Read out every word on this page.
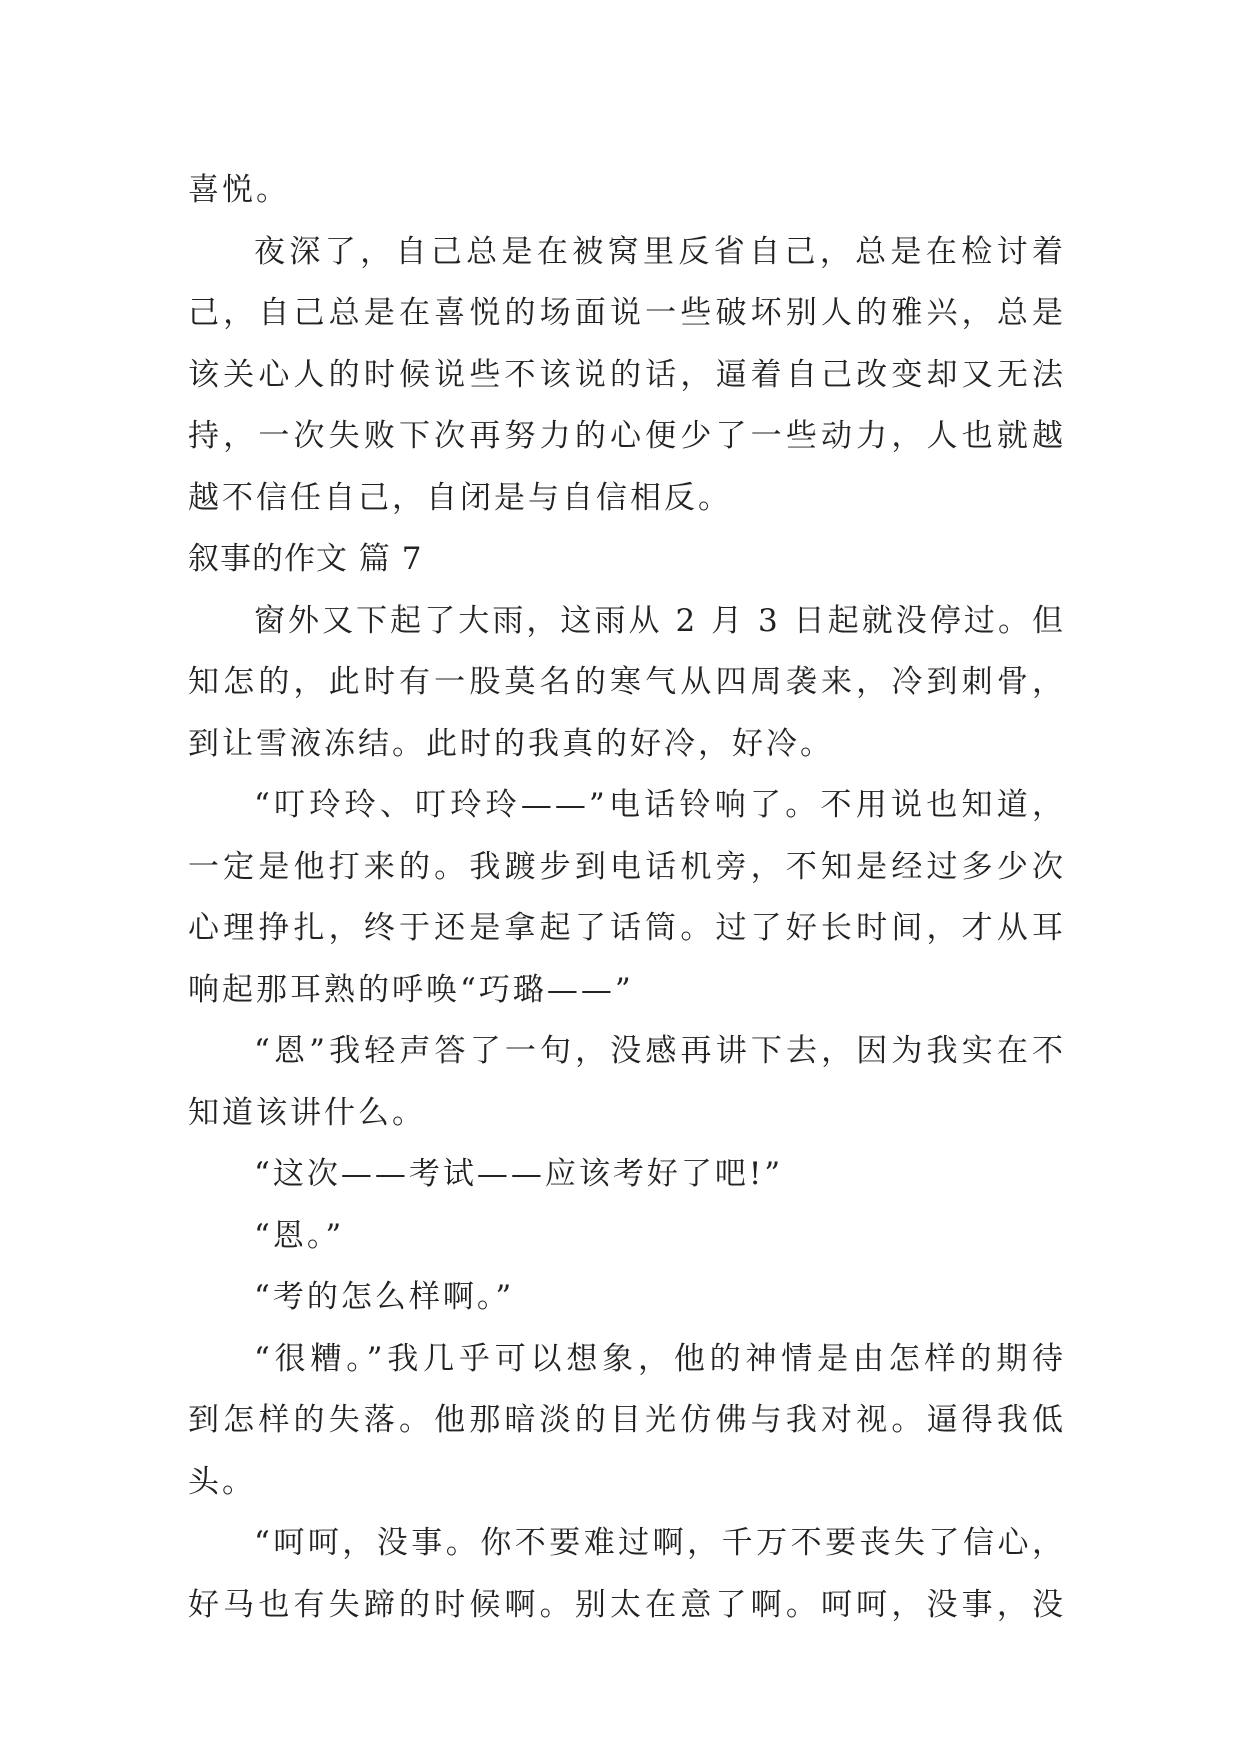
喜悦。
夜深了，自己总是在被窝里反省自己，总是在检讨着
己，自己总是在喜悦的场面说一些破坏别人的雅兴，总是
该关心人的时候说些不该说的话，逼着自己改变却又无法
持，一次失败下次再努力的心便少了一些动力，人也就越
越不信任自己，自闭是与自信相反。
叙事的作文 篇 7
窗外又下起了大雨，这雨从 2 月 3 日起就没停过。但
知怎的，此时有一股莫名的寒气从四周袭来，冷到刺骨，
到让雪液冻结。此时的我真的好冷，好冷。
“叮玲玲、叮玲玲——”电话铃响了。不用说也知道，
一定是他打来的。我踱步到电话机旁，不知是经过多少次
心理挣扎，终于还是拿起了话筒。过了好长时间，才从耳
响起那耳熟的呼唤“巧璐——”
“恩”我轻声答了一句，没感再讲下去，因为我实在不
知道该讲什么。
“这次——考试——应该考好了吧!”
“恩。”
“考的怎么样啊。”
“很糟。”我几乎可以想象，他的神情是由怎样的期待
到怎样的失落。他那暗淡的目光仿佛与我对视。逼得我低
头。
“呵呵，没事。你不要难过啊，千万不要丧失了信心，
好马也有失蹄的时候啊。别太在意了啊。呵呵，没事，没
